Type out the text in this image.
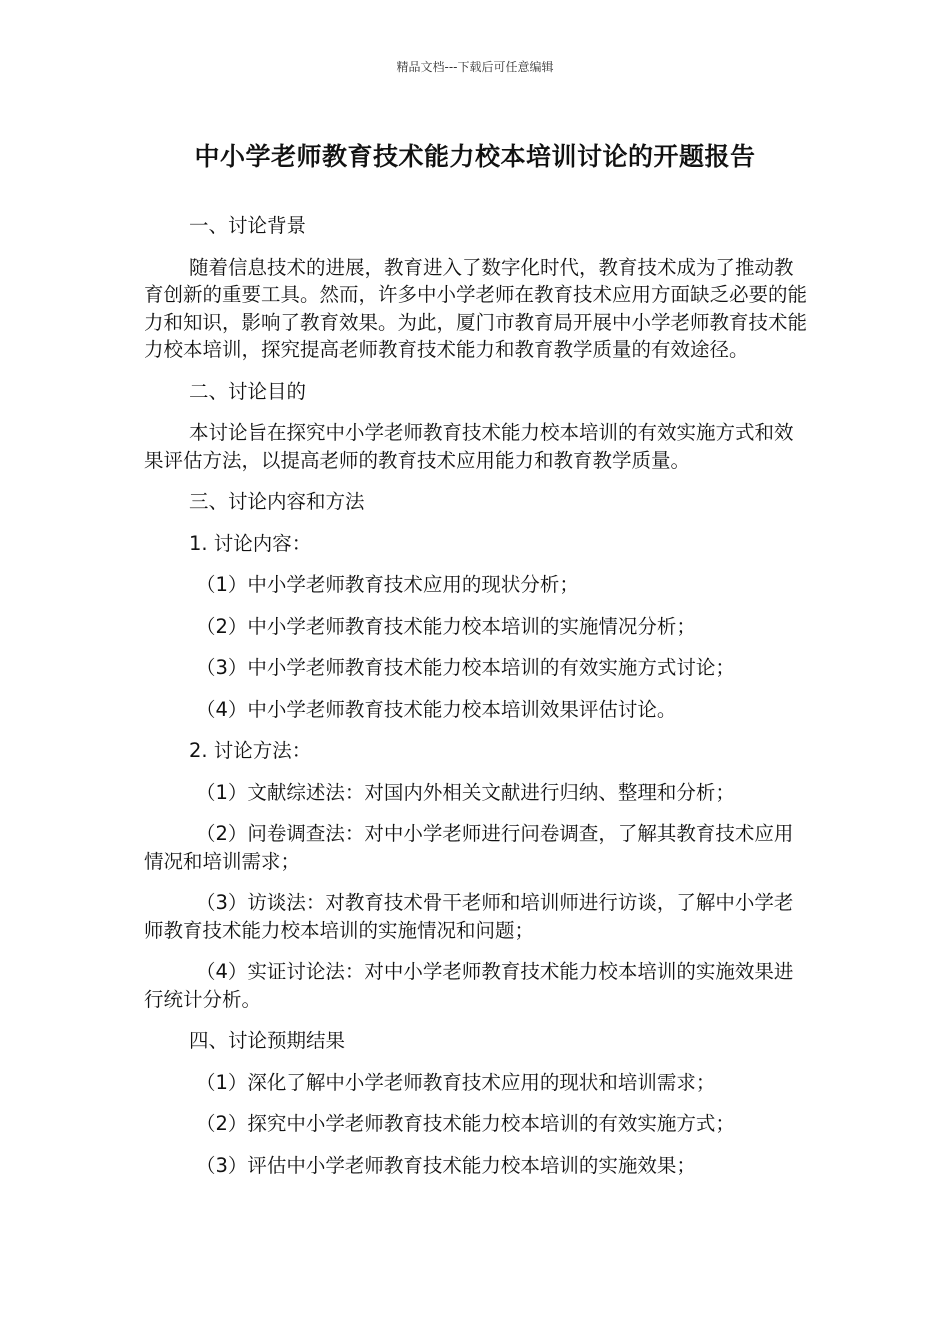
精品文档---下载后可任意编辑
中小学老师教育技术能力校本培训讨论的开题报告

一、讨论背景

随着信息技术的进展，教育进入了数字化时代，教育技术成为了推动教育创新的重要工具。然而，许多中小学老师在教育技术应用方面缺乏必要的能力和知识，影响了教育效果。为此，厦门市教育局开展中小学老师教育技术能力校本培训，探究提高老师教育技术能力和教育教学质量的有效途径。

二、讨论目的

本讨论旨在探究中小学老师教育技术能力校本培训的有效实施方式和效果评估方法，以提高老师的教育技术应用能力和教育教学质量。

三、讨论内容和方法

1. 讨论内容：

（1）中小学老师教育技术应用的现状分析；

（2）中小学老师教育技术能力校本培训的实施情况分析；

（3）中小学老师教育技术能力校本培训的有效实施方式讨论；

（4）中小学老师教育技术能力校本培训效果评估讨论。

2. 讨论方法：

（1）文献综述法：对国内外相关文献进行归纳、整理和分析；

（2）问卷调查法：对中小学老师进行问卷调查，了解其教育技术应用情况和培训需求；

（3）访谈法：对教育技术骨干老师和培训师进行访谈，了解中小学老师教育技术能力校本培训的实施情况和问题；

（4）实证讨论法：对中小学老师教育技术能力校本培训的实施效果进行统计分析。

四、讨论预期结果

（1）深化了解中小学老师教育技术应用的现状和培训需求；

（2）探究中小学老师教育技术能力校本培训的有效实施方式；

（3）评估中小学老师教育技术能力校本培训的实施效果；
